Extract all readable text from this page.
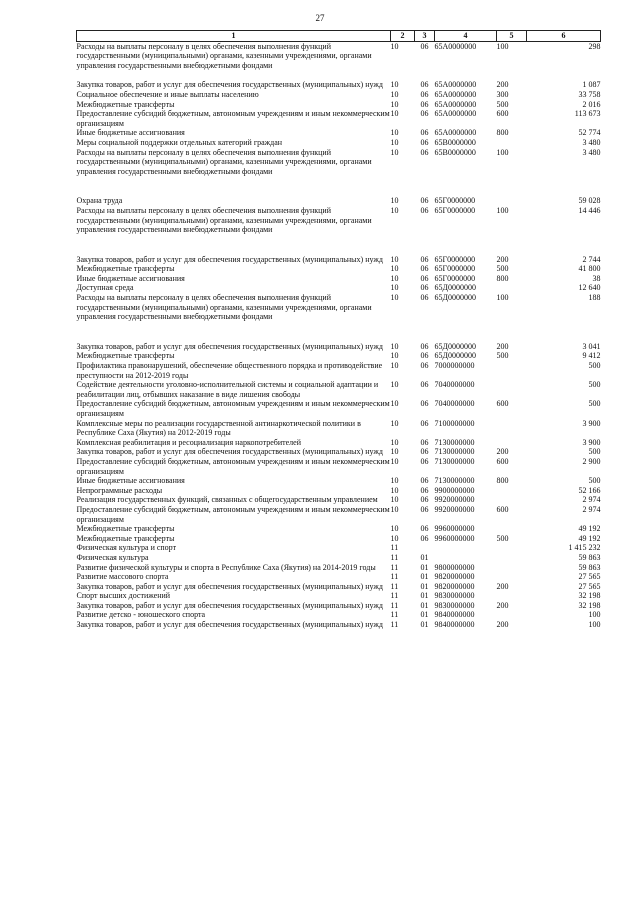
27
1	2	3	4	5	6
Расходы на выплаты персоналу в целях обеспечения выполнения функций государственными (муниципальными) органами, казенными учреждениями, органами управления государственными внебюджетными фондами	10	06	65А0000000	100	298

Закупка товаров, работ и услуг для обеспечения государственных (муниципальных) нужд	10	06	65А0000000	200	1 087
Социальное обеспечение и иные выплаты населению	10	06	65А0000000	300	33 758
Межбюджетные трансферты	10	06	65А0000000	500	2 016
Предоставление субсидий бюджетным, автономным учреждениям и иным некоммерческим организациям	10	06	65А0000000	600	113 673
Иные бюджетные ассигнования	10	06	65А0000000	800	52 774
Меры социальной поддержки отдельных категорий граждан	10	06	65В0000000		3 480
Расходы на выплаты персоналу в целях обеспечения выполнения функций государственными (муниципальными) органами, казенными учреждениями, органами управления государственными внебюджетными фондами	10	06	65В0000000	100	3 480

Охрана труда	10	06	65Г0000000		59 028
Расходы на выплаты персоналу в целях обеспечения выполнения функций государственными (муниципальными) органами, казенными учреждениями, органами управления государственными внебюджетными фондами	10	06	65Г0000000	100	14 446

Закупка товаров, работ и услуг для обеспечения государственных (муниципальных) нужд	10	06	65Г0000000	200	2 744
Межбюджетные трансферты	10	06	65Г0000000	500	41 800
Иные бюджетные ассигнования	10	06	65Г0000000	800	38
Доступная среда	10	06	65Д0000000		12 640
Расходы на выплаты персоналу в целях обеспечения выполнения функций государственными (муниципальными) органами, казенными учреждениями, органами управления государственными внебюджетными фондами	10	06	65Д0000000	100	188

Закупка товаров, работ и услуг для обеспечения государственных (муниципальных) нужд	10	06	65Д0000000	200	3 041
Межбюджетные трансферты	10	06	65Д0000000	500	9 412
Профилактика правонарушений, обеспечение общественного порядка и противодействие преступности на 2012-2019 годы	10	06	7000000000		500
Содействие деятельности уголовно-исполнительной системы и социальной адаптации и реабилитации лиц, отбывших наказание в виде лишения свободы	10	06	7040000000		500
Предоставление субсидий бюджетным, автономным учреждениям и иным некоммерческим организациям	10	06	7040000000	600	500
Комплексные меры по реализации государственной антинаркотической политики в Республике Саха (Якутия) на 2012-2019 годы	10	06	7100000000		3 900
Комплексная реабилитация и ресоциализация наркопотребителей	10	06	7130000000		3 900
Закупка товаров, работ и услуг для обеспечения государственных (муниципальных) нужд	10	06	7130000000	200	500
Предоставление субсидий бюджетным, автономным учреждениям и иным некоммерческим организациям	10	06	7130000000	600	2 900
Иные бюджетные ассигнования	10	06	7130000000	800	500
Непрограммные расходы	10	06	9900000000		52 166
Реализация государственных функций, связанных с общегосударственным управлением	10	06	9920000000		2 974
Предоставление субсидий бюджетным, автономным учреждениям и иным некоммерческим организациям	10	06	9920000000	600	2 974
Межбюджетные трансферты	10	06	9960000000		49 192
Межбюджетные трансферты	10	06	9960000000	500	49 192
Физическая культура и спорт	11				1 415 232
Физическая культура	11	01			59 863
Развитие физической культуры и спорта в Республике Саха (Якутия) на 2014-2019 годы	11	01	9800000000		59 863
Развитие массового спорта	11	01	9820000000		27 565
Закупка товаров, работ и услуг для обеспечения государственных (муниципальных) нужд	11	01	9820000000	200	27 565
Спорт высших достижений	11	01	9830000000		32 198
Закупка товаров, работ и услуг для обеспечения государственных (муниципальных) нужд	11	01	9830000000	200	32 198
Развитие детско - юношеского спорта	11	01	9840000000		100
Закупка товаров, работ и услуг для обеспечения государственных (муниципальных) нужд	11	01	9840000000	200	100
